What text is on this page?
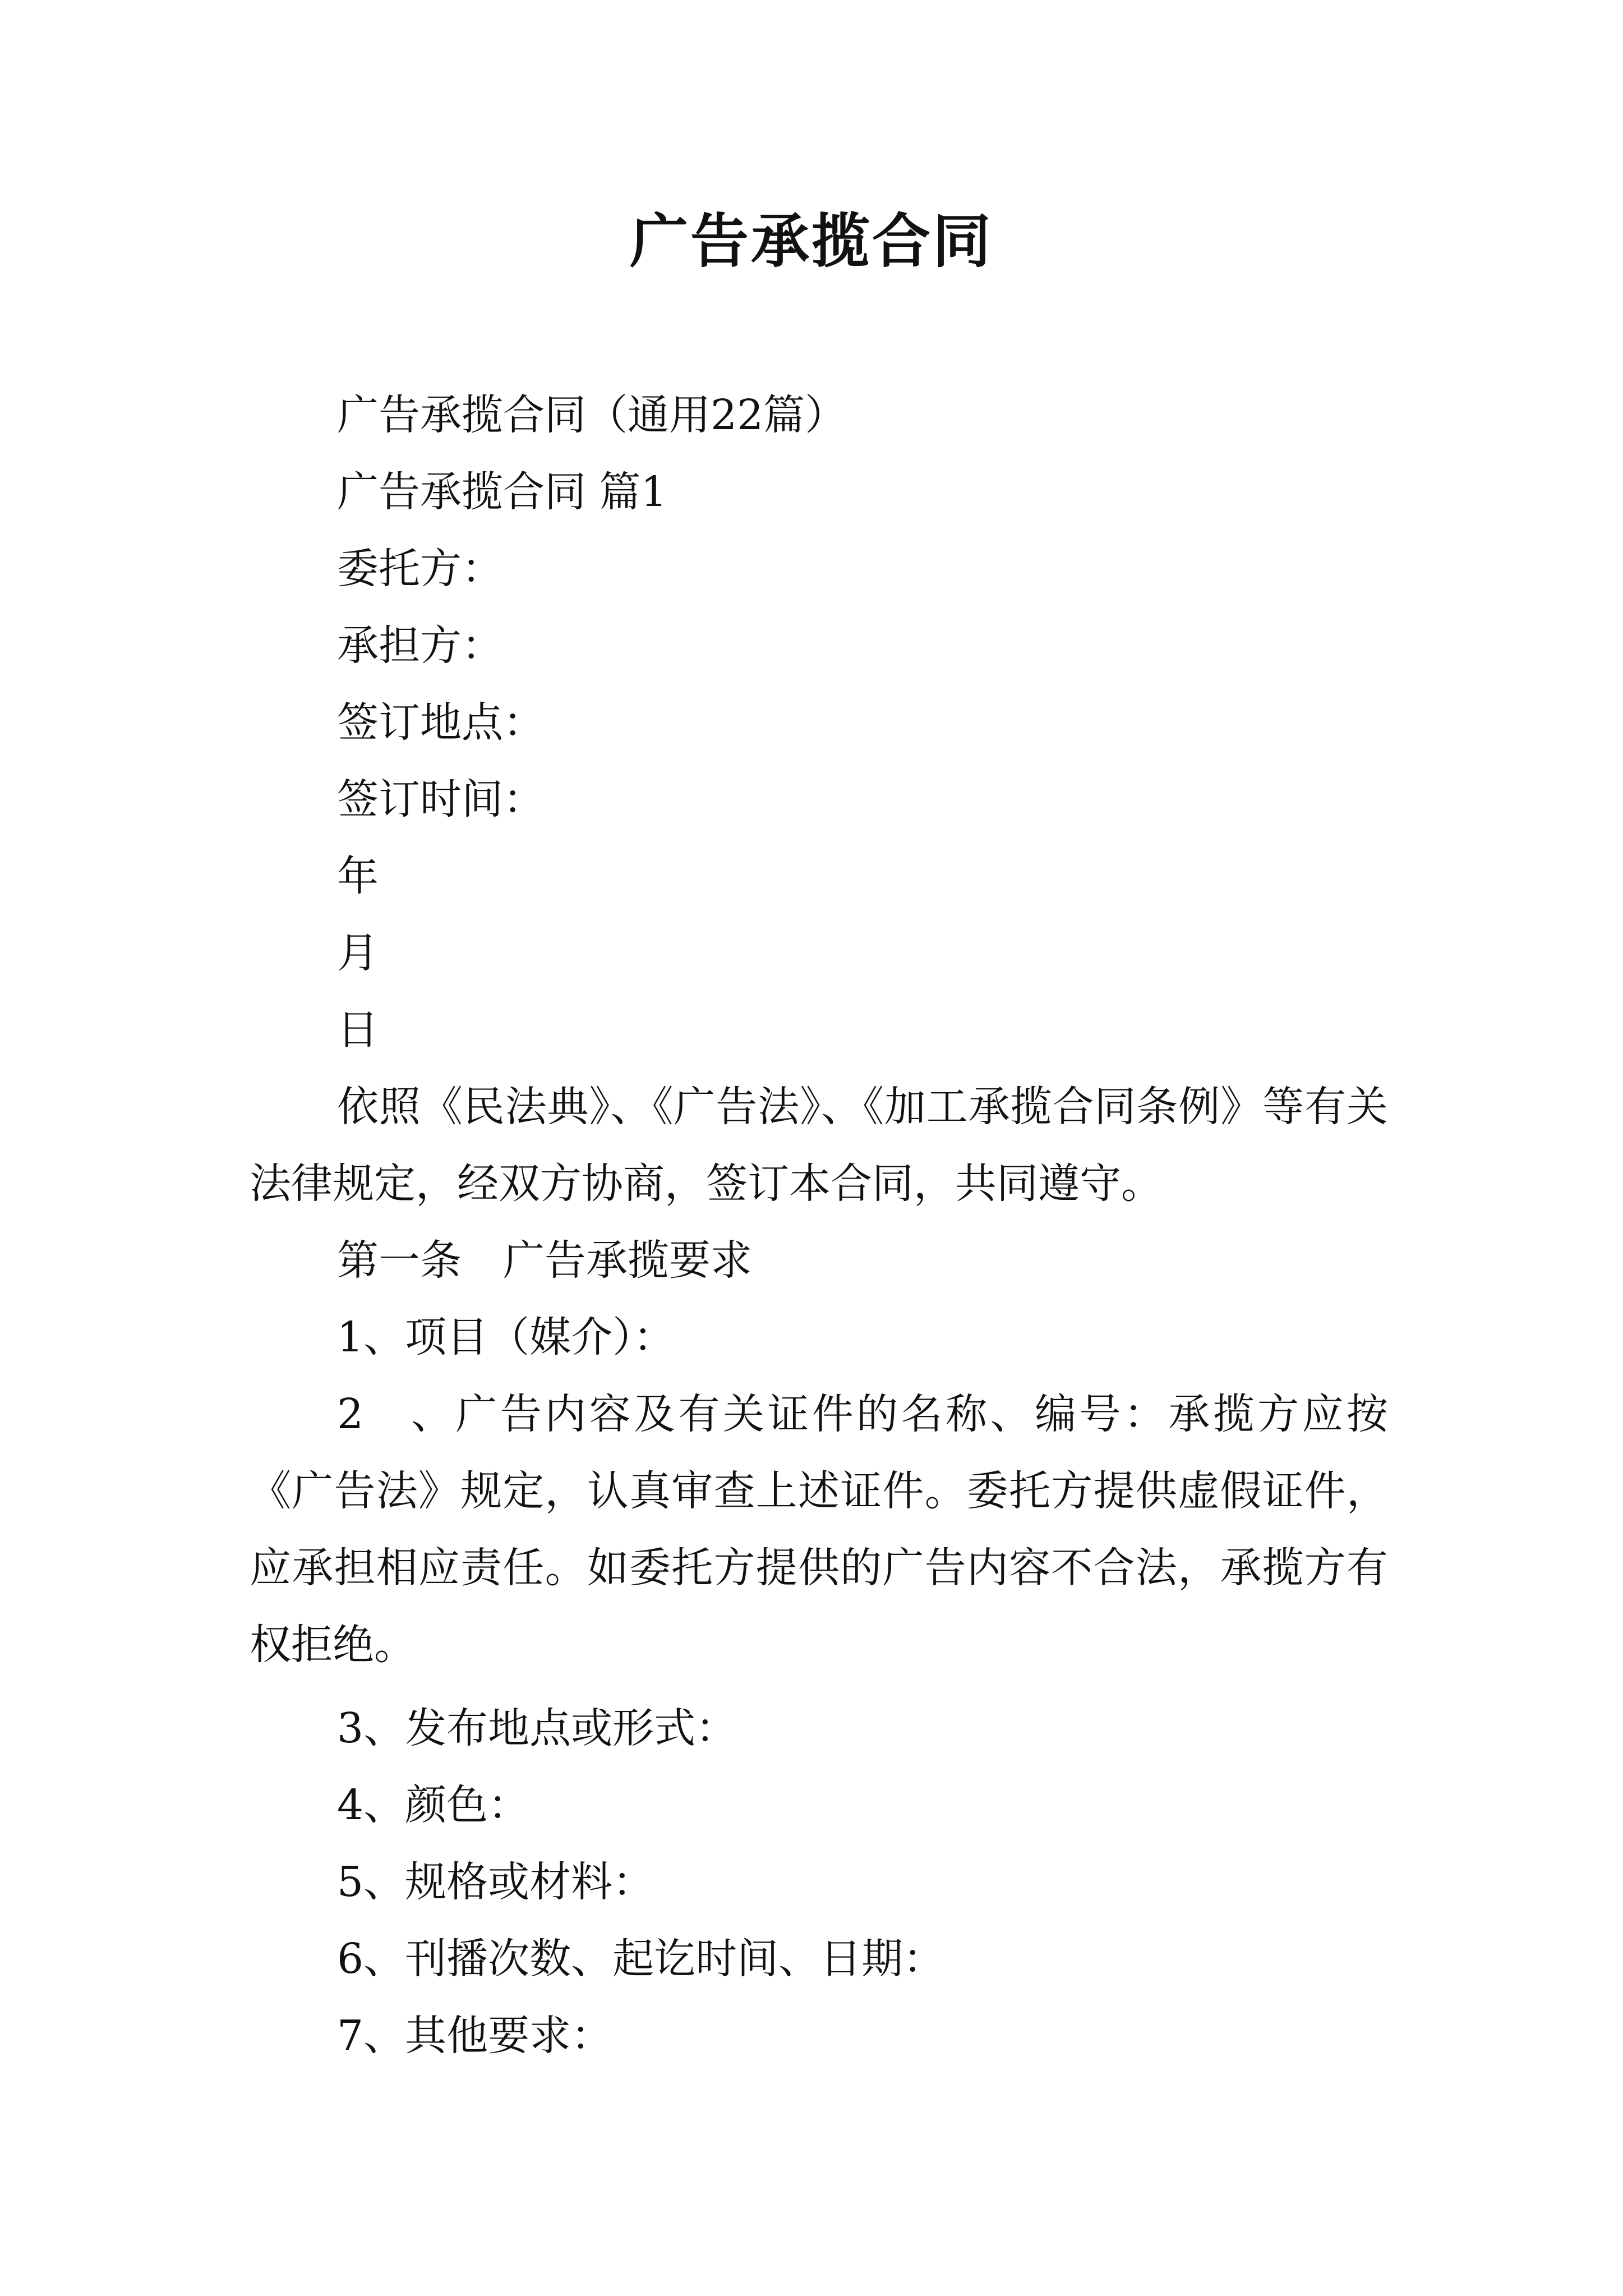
广告承揽合同

广告承揽合同（通用22篇）

广告承揽合同 篇1

委托方：

承担方：

签订地点：

签订时间：

年

月

日

依照《民法典》、《广告法》、《加工承揽合同条例》等有关法律规定，经双方协商，签订本合同，共同遵守。

第一条　广告承揽要求

1、项目（媒介）：

2　、广告内容及有关证件的名称、编号：承揽方应按《广告法》规定，认真审查上述证件。委托方提供虚假证件，应承担相应责任。如委托方提供的广告内容不合法，承揽方有权拒绝。

3、发布地点或形式：

4、颜色：

5、规格或材料：

6、刊播次数、起讫时间、日期：

7、其他要求：
